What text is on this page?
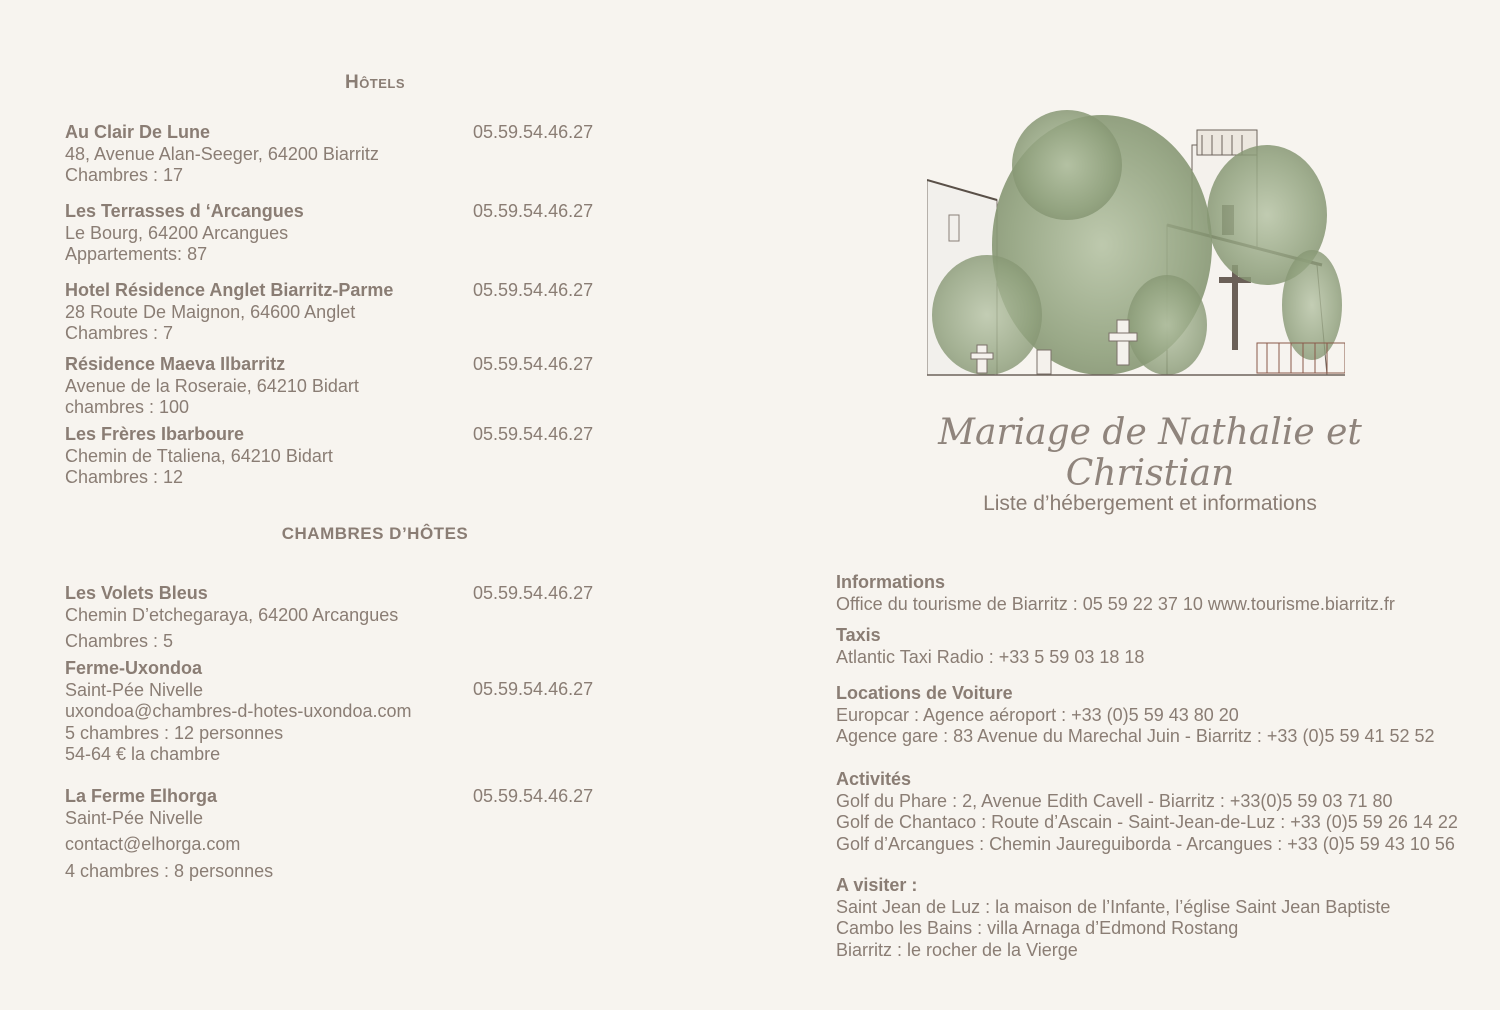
Hôtels
Au Clair De Lune	05.59.54.46.27
48, Avenue Alan-Seeger, 64200 Biarritz
Chambres : 17
Les Terrasses d ‘Arcangues	05.59.54.46.27
Le Bourg, 64200 Arcangues
Appartements: 87
Hotel Résidence Anglet Biarritz-Parme	05.59.54.46.27
28 Route De Maignon, 64600 Anglet
Chambres : 7
Résidence Maeva Ilbarritz	05.59.54.46.27
Avenue de la Roseraie, 64210 Bidart
chambres : 100
Les Frères Ibarboure	05.59.54.46.27
Chemin de Ttaliena, 64210 Bidart
Chambres : 12
CHAMBRES D’HÔTES
Les Volets Bleus	05.59.54.46.27
Chemin D’etchegaraya, 64200 Arcangues
Chambres : 5
Ferme-Uxondoa
05.59.54.46.27
Saint-Pée Nivelle
uxondoa@chambres-d-hotes-uxondoa.com
5 chambres : 12 personnes
54-64 € la chambre
La Ferme Elhorga	05.59.54.46.27
Saint-Pée Nivelle
contact@elhorga.com
4 chambres : 8 personnes
Mariage de Nathalie et Christian
Liste d’hébergement et informations
Informations
Office du tourisme de Biarritz : 05 59 22 37 10 www.tourisme.biarritz.fr
Taxis
Atlantic Taxi Radio : +33 5 59 03 18 18
Locations de Voiture
Europcar : Agence aéroport : +33 (0)5 59 43 80 20
Agence gare : 83 Avenue du Marechal Juin - Biarritz : +33 (0)5 59 41 52 52
Activités
Golf du Phare : 2, Avenue Edith Cavell - Biarritz : +33(0)5 59 03 71 80
Golf de Chantaco : Route d’Ascain - Saint-Jean-de-Luz : +33 (0)5 59 26 14 22
Golf d’Arcangues : Chemin Jaureguiborda - Arcangues : +33 (0)5 59 43 10 56
A visiter :
Saint Jean de Luz : la maison de l’Infante, l’église Saint Jean Baptiste
Cambo les Bains : villa Arnaga d’Edmond Rostang
Biarritz : le rocher de la Vierge
